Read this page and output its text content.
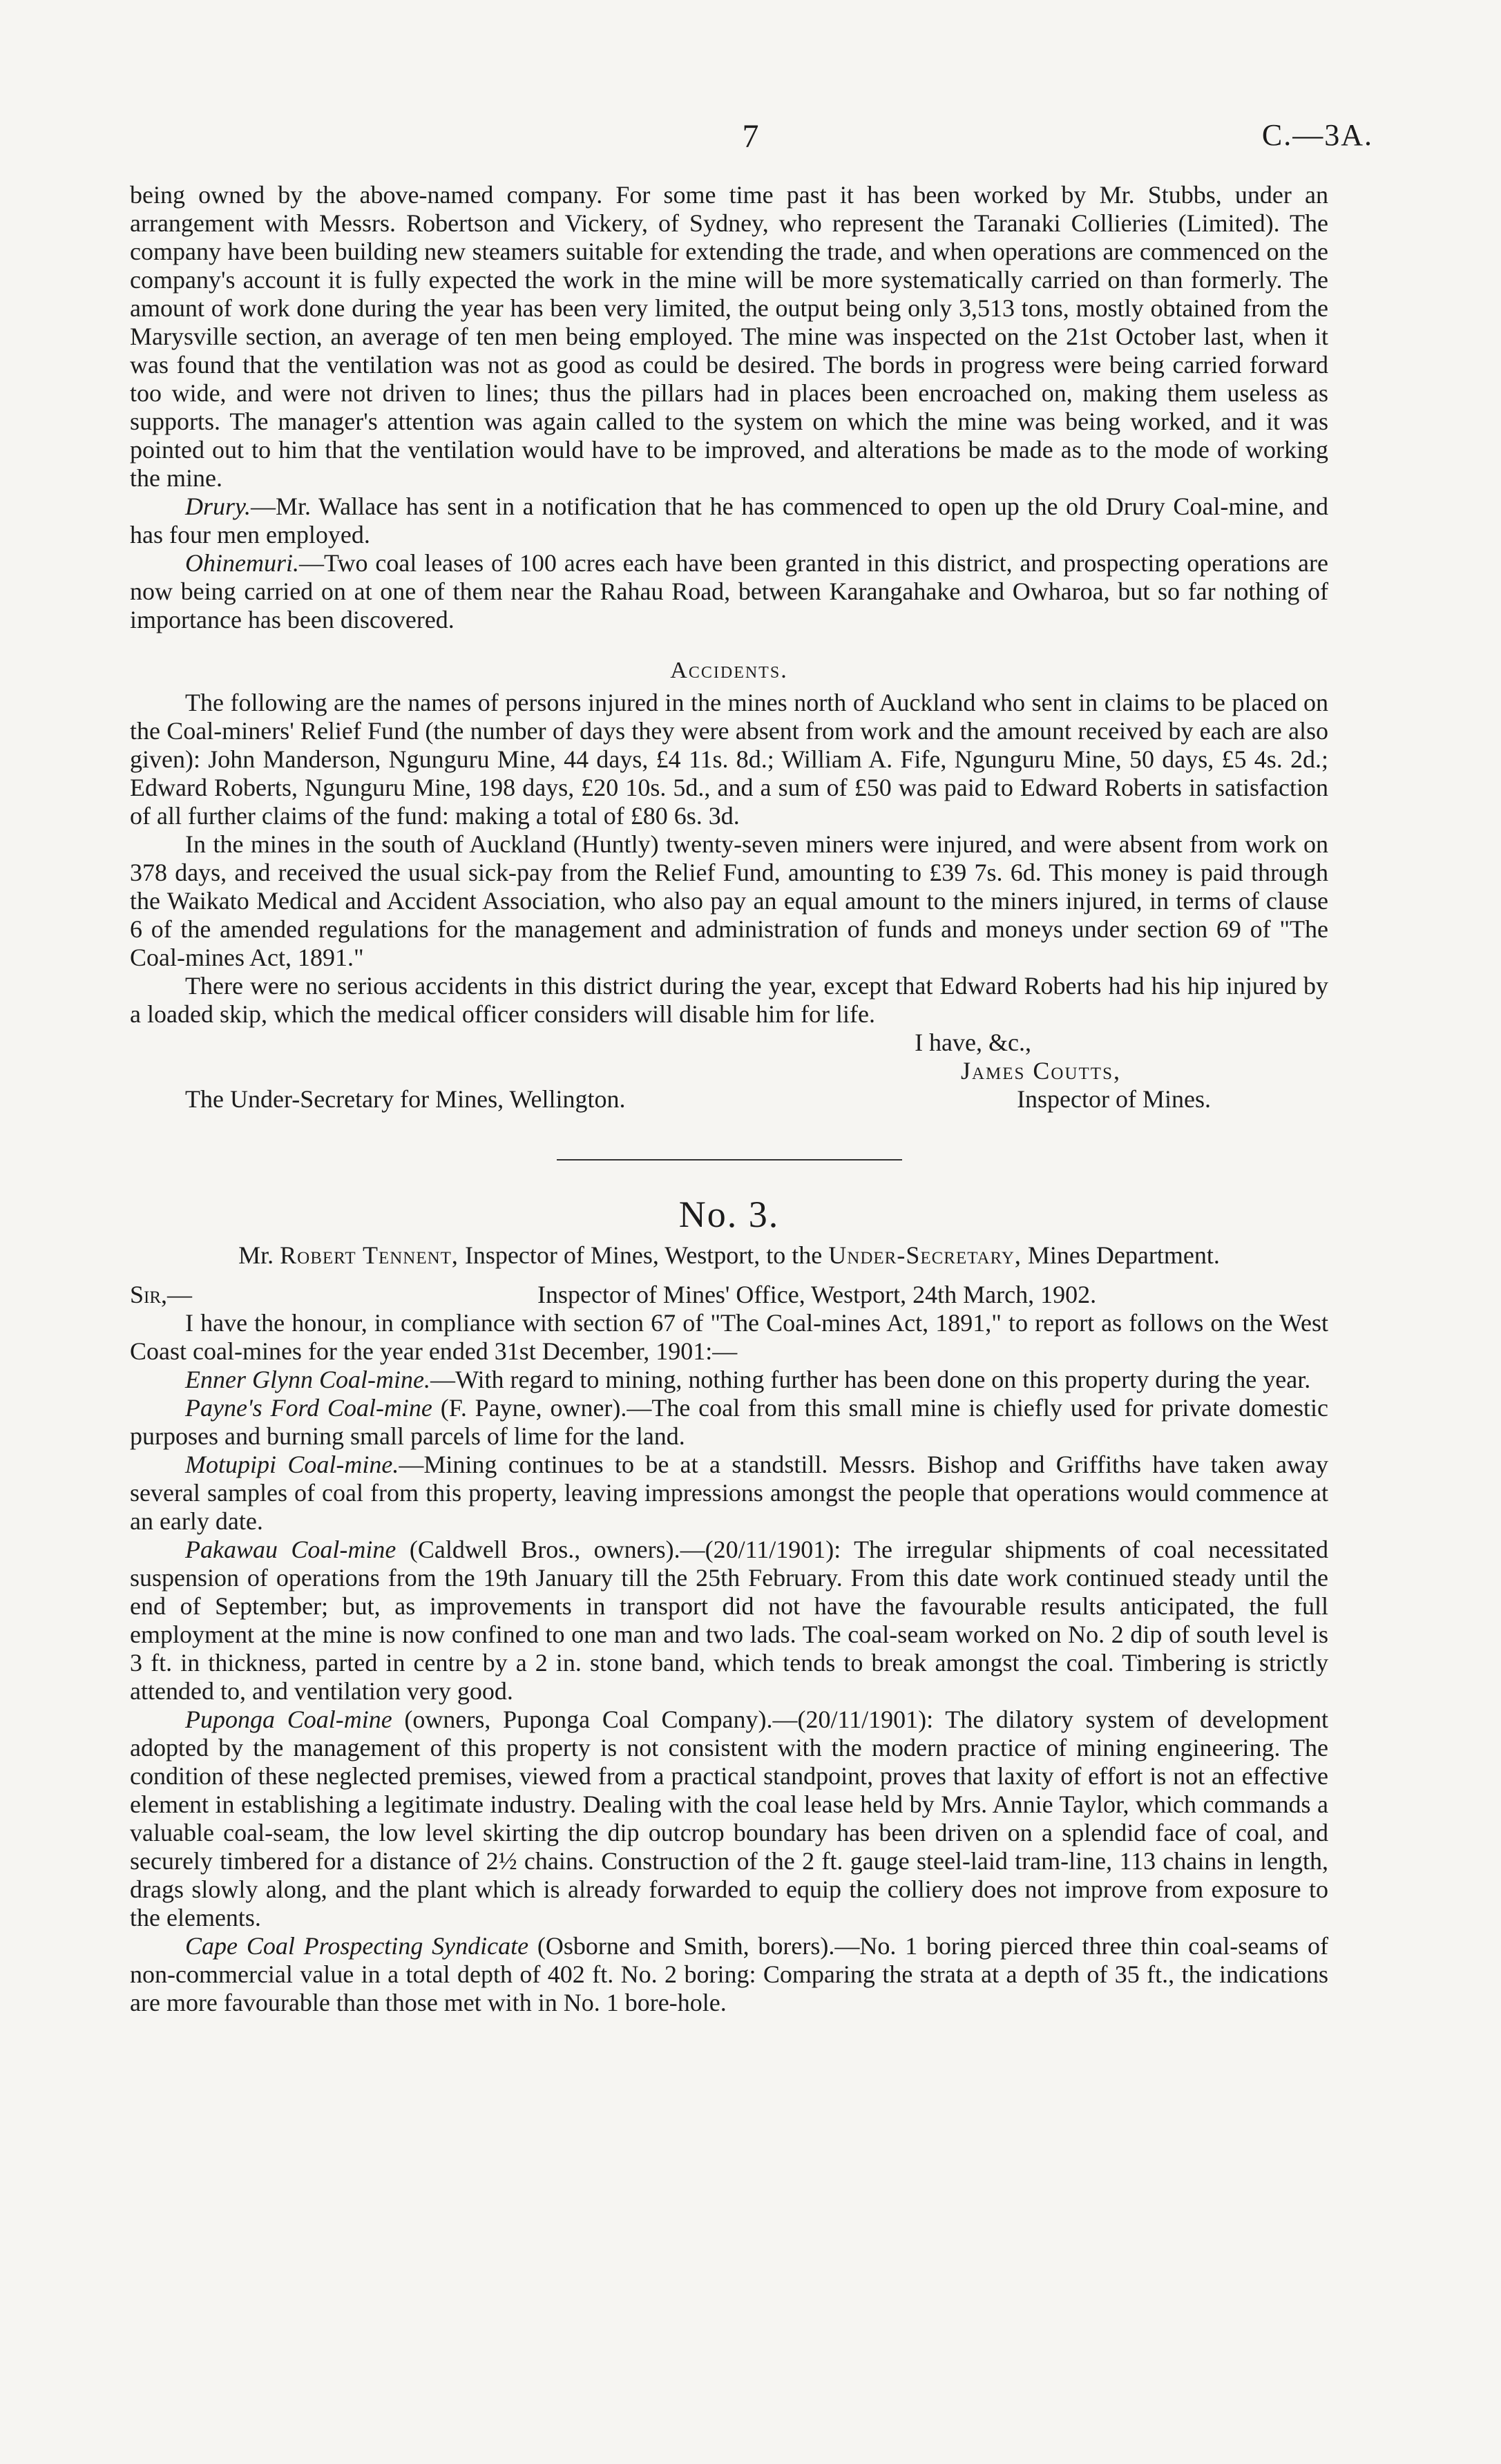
7	C.—3A.

being owned by the above-named company. For some time past it has been worked by Mr. Stubbs, under an arrangement with Messrs. Robertson and Vickery, of Sydney, who represent the Taranaki Collieries (Limited). The company have been building new steamers suitable for extending the trade, and when operations are commenced on the company's account it is fully expected the work in the mine will be more systematically carried on than formerly. The amount of work done during the year has been very limited, the output being only 3,513 tons, mostly obtained from the Marysville section, an average of ten men being employed. The mine was inspected on the 21st October last, when it was found that the ventilation was not as good as could be desired. The bords in progress were being carried forward too wide, and were not driven to lines; thus the pillars had in places been encroached on, making them useless as supports. The manager's attention was again called to the system on which the mine was being worked, and it was pointed out to him that the ventilation would have to be improved, and alterations be made as to the mode of working the mine.

Drury.—Mr. Wallace has sent in a notification that he has commenced to open up the old Drury Coal-mine, and has four men employed.

Ohinemuri.—Two coal leases of 100 acres each have been granted in this district, and prospecting operations are now being carried on at one of them near the Rahau Road, between Karangahake and Owharoa, but so far nothing of importance has been discovered.

Accidents.

The following are the names of persons injured in the mines north of Auckland who sent in claims to be placed on the Coal-miners' Relief Fund (the number of days they were absent from work and the amount received by each are also given): John Manderson, Ngunguru Mine, 44 days, £4 11s. 8d.; William A. Fife, Ngunguru Mine, 50 days, £5 4s. 2d.; Edward Roberts, Ngunguru Mine, 198 days, £20 10s. 5d., and a sum of £50 was paid to Edward Roberts in satisfaction of all further claims of the fund: making a total of £80 6s. 3d.

In the mines in the south of Auckland (Huntly) twenty-seven miners were injured, and were absent from work on 378 days, and received the usual sick-pay from the Relief Fund, amounting to £39 7s. 6d. This money is paid through the Waikato Medical and Accident Association, who also pay an equal amount to the miners injured, in terms of clause 6 of the amended regulations for the management and administration of funds and moneys under section 69 of "The Coal-mines Act, 1891."

There were no serious accidents in this district during the year, except that Edward Roberts had his hip injured by a loaded skip, which the medical officer considers will disable him for life.

I have, &c.,
James Coutts,
The Under-Secretary for Mines, Wellington.	Inspector of Mines.
No. 3.
Mr. Robert Tennent, Inspector of Mines, Westport, to the Under-Secretary, Mines Department.
Sir,—	Inspector of Mines' Office, Westport, 24th March, 1902.

I have the honour, in compliance with section 67 of "The Coal-mines Act, 1891," to report as follows on the West Coast coal-mines for the year ended 31st December, 1901:—

Enner Glynn Coal-mine.—With regard to mining, nothing further has been done on this property during the year.

Payne's Ford Coal-mine (F. Payne, owner).—The coal from this small mine is chiefly used for private domestic purposes and burning small parcels of lime for the land.

Motupipi Coal-mine.—Mining continues to be at a standstill. Messrs. Bishop and Griffiths have taken away several samples of coal from this property, leaving impressions amongst the people that operations would commence at an early date.

Pakawau Coal-mine (Caldwell Bros., owners).—(20/11/1901): The irregular shipments of coal necessitated suspension of operations from the 19th January till the 25th February. From this date work continued steady until the end of September; but, as improvements in transport did not have the favourable results anticipated, the full employment at the mine is now confined to one man and two lads. The coal-seam worked on No. 2 dip of south level is 3 ft. in thickness, parted in centre by a 2 in. stone band, which tends to break amongst the coal. Timbering is strictly attended to, and ventilation very good.

Puponga Coal-mine (owners, Puponga Coal Company).—(20/11/1901): The dilatory system of development adopted by the management of this property is not consistent with the modern practice of mining engineering. The condition of these neglected premises, viewed from a practical standpoint, proves that laxity of effort is not an effective element in establishing a legitimate industry. Dealing with the coal lease held by Mrs. Annie Taylor, which commands a valuable coal-seam, the low level skirting the dip outcrop boundary has been driven on a splendid face of coal, and securely timbered for a distance of 2½ chains. Construction of the 2 ft. gauge steel-laid tram-line, 113 chains in length, drags slowly along, and the plant which is already forwarded to equip the colliery does not improve from exposure to the elements.

Cape Coal Prospecting Syndicate (Osborne and Smith, borers).—No. 1 boring pierced three thin coal-seams of non-commercial value in a total depth of 402 ft. No. 2 boring: Comparing the strata at a depth of 35 ft., the indications are more favourable than those met with in No. 1 bore-hole.
